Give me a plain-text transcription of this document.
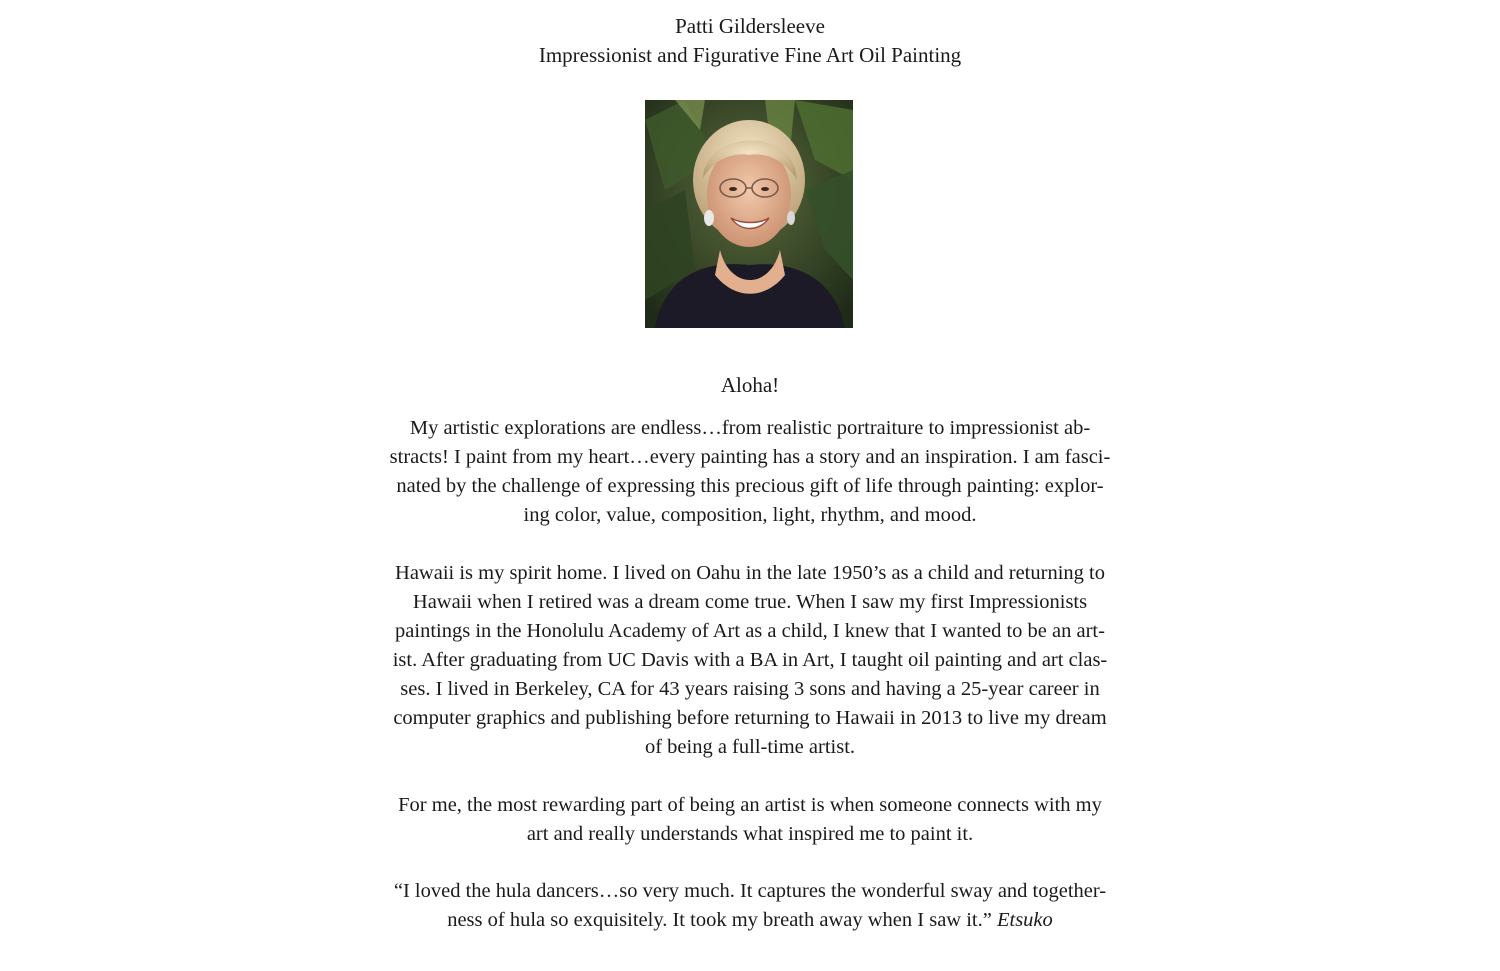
Patti Gildersleeve
Impressionist and Figurative Fine Art Oil Painting
Aloha!
My artistic explorations are endless…from realistic portraiture to impressionist ab-
stracts! I paint from my heart…every painting has a story and an inspiration. I am fasci-
nated by the challenge of expressing this precious gift of life through painting: explor-
ing color, value, composition, light, rhythm, and mood.
Hawaii is my spirit home. I lived on Oahu in the late 1950’s as a child and returning to
Hawaii when I retired was a dream come true. When I saw my first Impressionists
paintings in the Honolulu Academy of Art as a child, I knew that I wanted to be an art-
ist. After graduating from UC Davis with a BA in Art, I taught oil painting and art clas-
ses. I lived in Berkeley, CA for 43 years raising 3 sons and having a 25-year career in
computer graphics and publishing before returning to Hawaii in 2013 to live my dream
of being a full-time artist.
For me, the most rewarding part of being an artist is when someone connects with my
art and really understands what inspired me to paint it.
“I loved the hula dancers…so very much. It captures the wonderful sway and together-
ness of hula so exquisitely. It took my breath away when I saw it.” Etsuko
